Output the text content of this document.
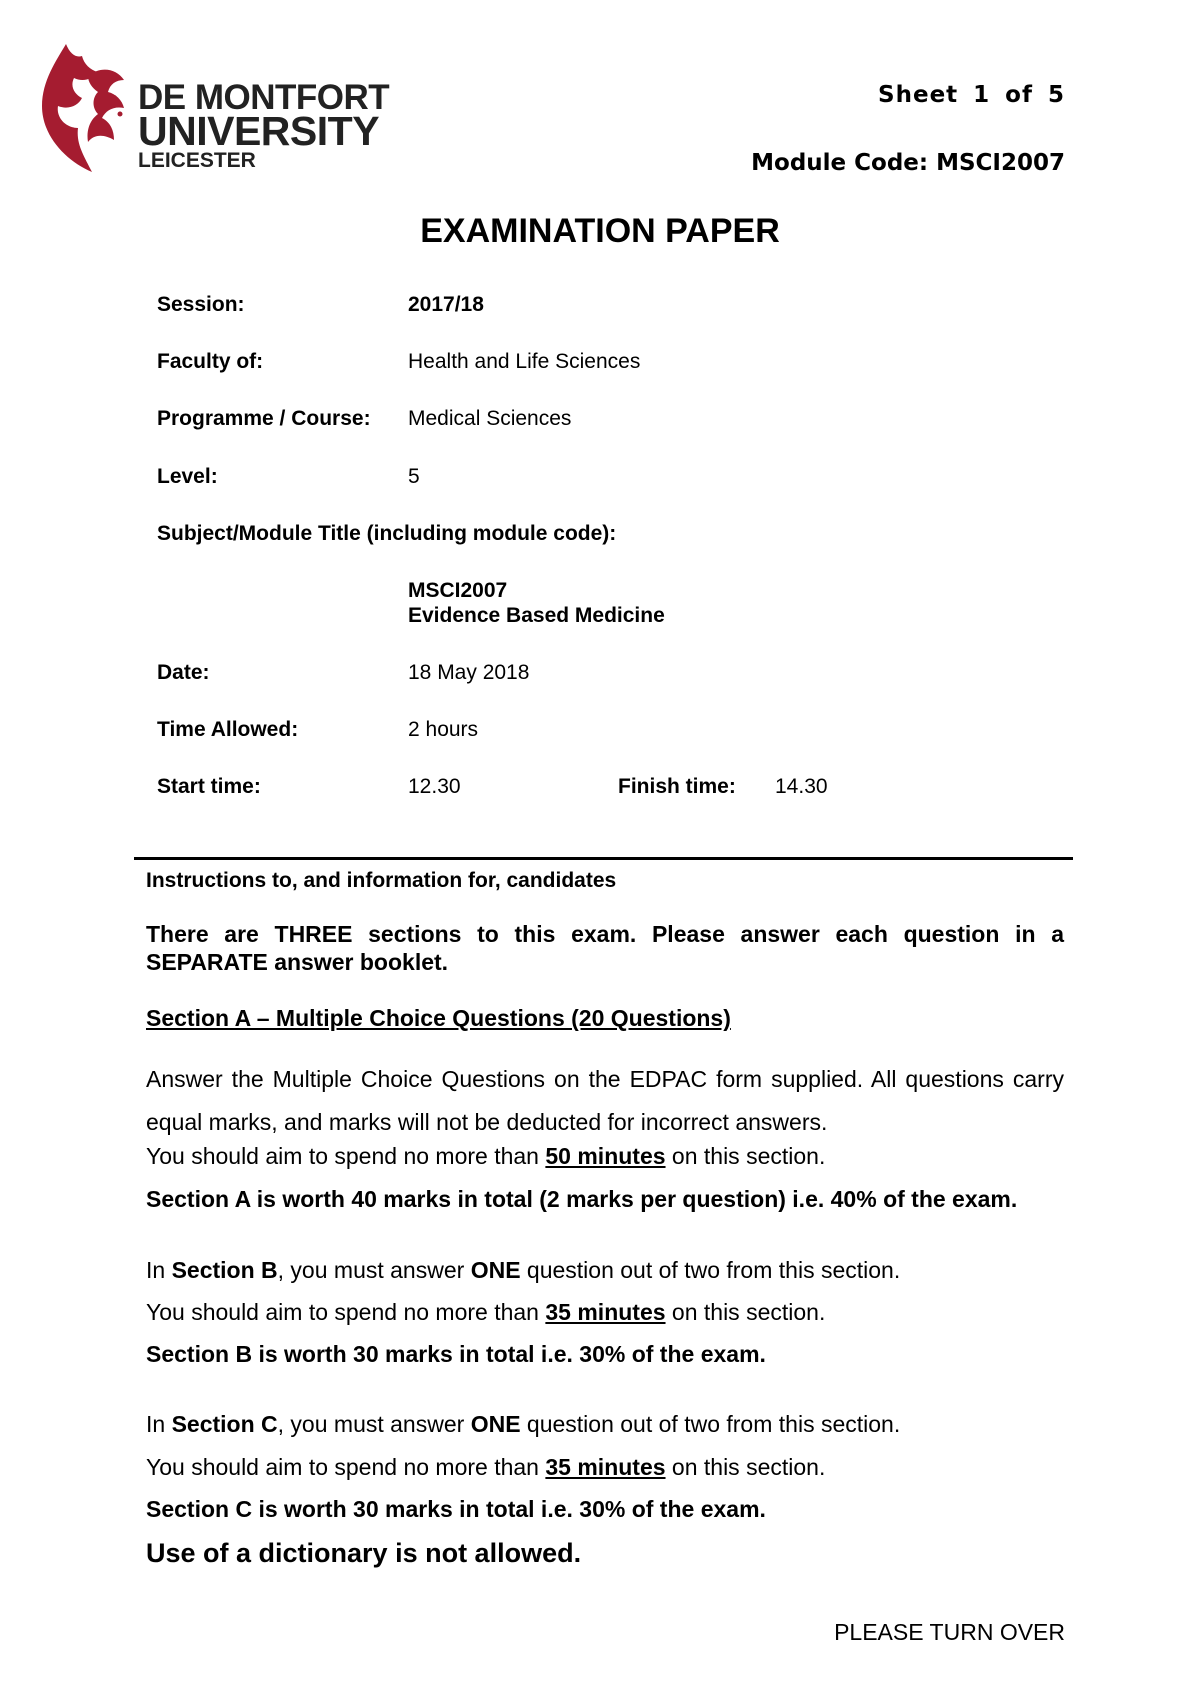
DE MONTFORT
UNIVERSITY
LEICESTER
Sheet 1 of 5
Module Code: MSCI2007
EXAMINATION PAPER
Session:	2017/18
Faculty of:	Health and Life Sciences
Programme / Course: Medical Sciences
Level:	5
Subject/Module Title (including module code):
MSCI2007
Evidence Based Medicine
Date:	18 May 2018
Time Allowed:	2 hours
Start time:	12.30	Finish time: 14.30
Instructions to, and information for, candidates
There are THREE sections to this exam. Please answer each question in a SEPARATE answer booklet.
Section A – Multiple Choice Questions (20 Questions)
Answer the Multiple Choice Questions on the EDPAC form supplied. All questions carry equal marks, and marks will not be deducted for incorrect answers.
You should aim to spend no more than 50 minutes on this section.
Section A is worth 40 marks in total (2 marks per question) i.e. 40% of the exam.
In Section B, you must answer ONE question out of two from this section.
You should aim to spend no more than 35 minutes on this section.
Section B is worth 30 marks in total i.e. 30% of the exam.
In Section C, you must answer ONE question out of two from this section.
You should aim to spend no more than 35 minutes on this section.
Section C is worth 30 marks in total i.e. 30% of the exam.
Use of a dictionary is not allowed.
PLEASE TURN OVER
